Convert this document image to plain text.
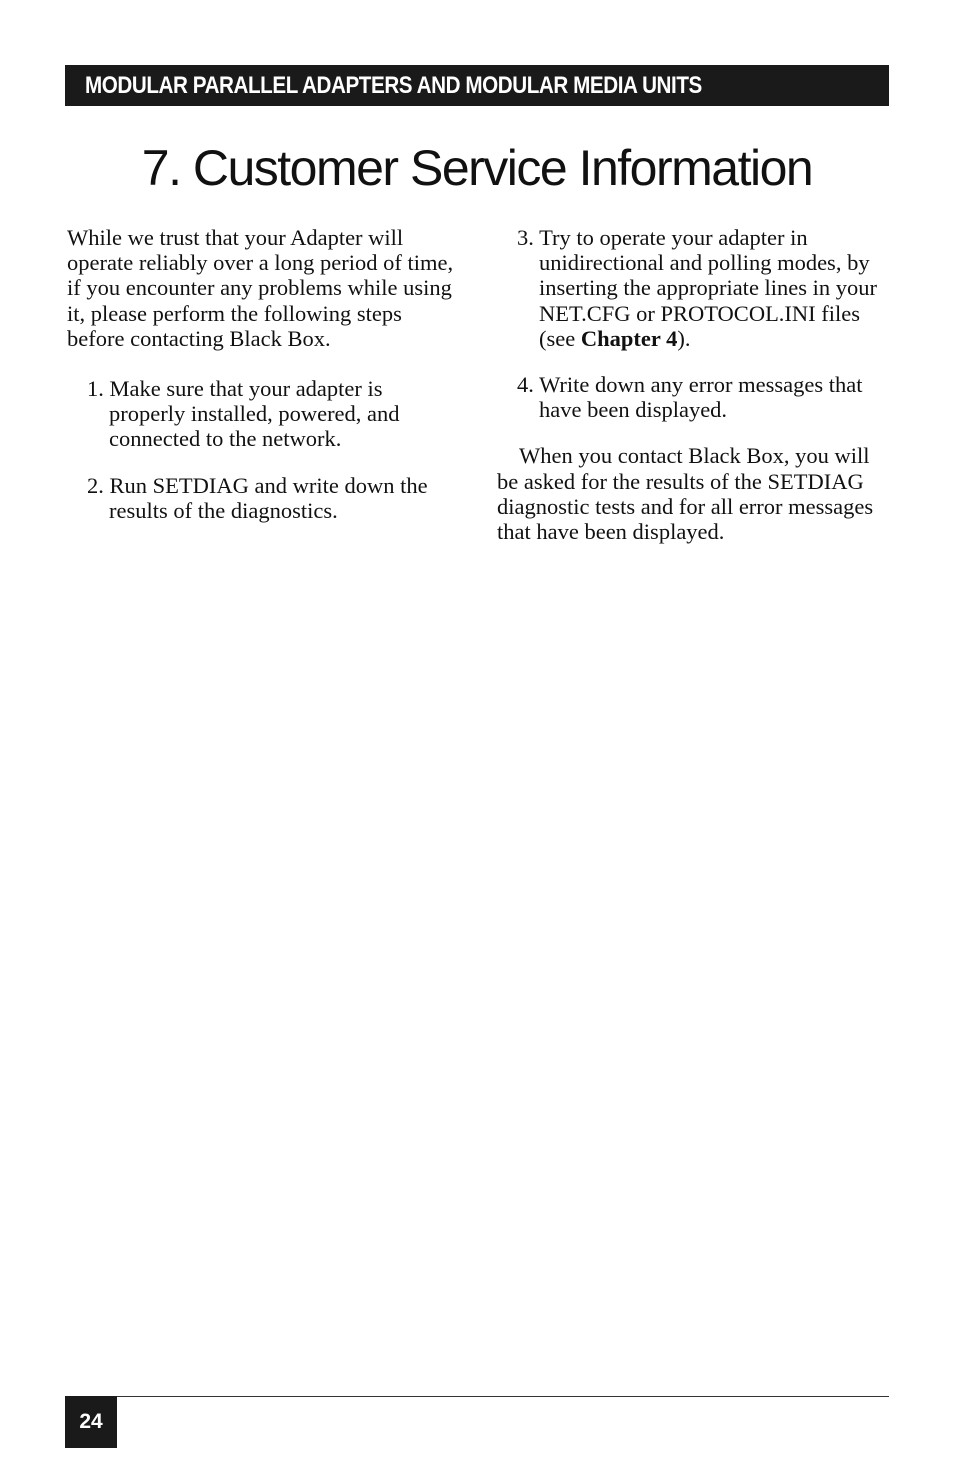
MODULAR PARALLEL ADAPTERS AND MODULAR MEDIA UNITS
7. Customer Service Information

While we trust that your Adapter will operate reliably over a long period of time, if you encounter any problems while using it, please perform the following steps before contacting Black Box.

1. Make sure that your adapter is properly installed, powered, and connected to the network.

2. Run SETDIAG and write down the results of the diagnostics.

3. Try to operate your adapter in unidirectional and polling modes, by inserting the appropriate lines in your NET.CFG or PROTOCOL.INI files (see Chapter 4).

4. Write down any error messages that have been displayed.

When you contact Black Box, you will be asked for the results of the SETDIAG diagnostic tests and for all error messages that have been displayed.

24
